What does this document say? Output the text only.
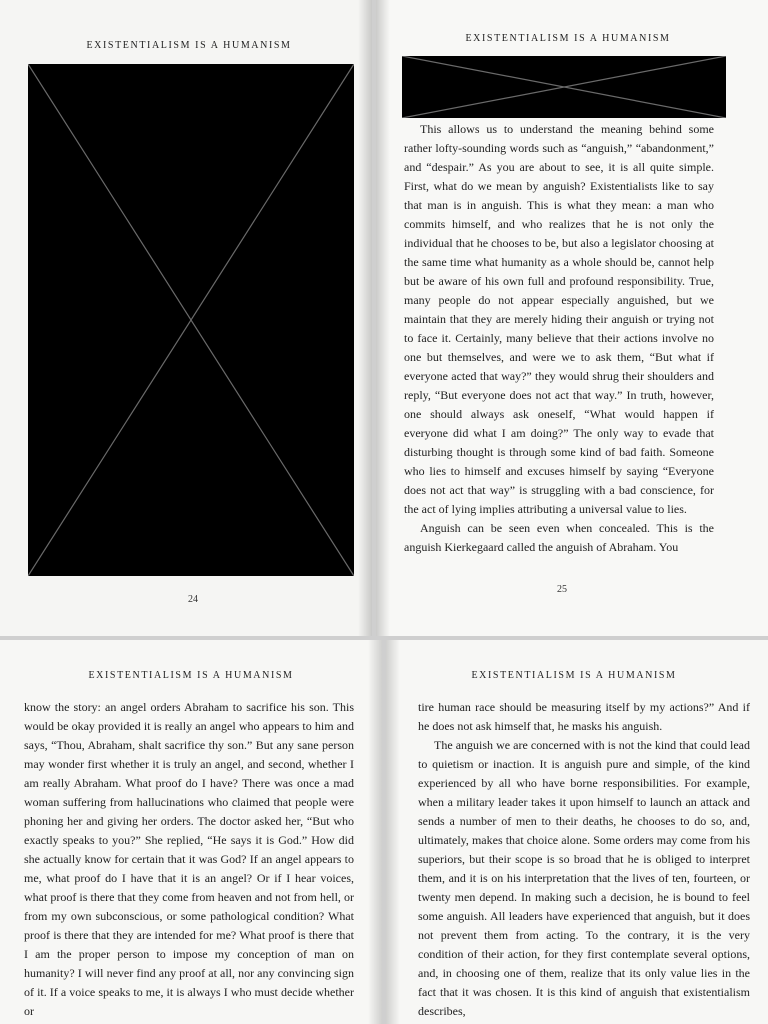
EXISTENTIALISM IS A HUMANISM
24
EXISTENTIALISM IS A HUMANISM

This allows us to understand the meaning behind some rather lofty-sounding words such as “anguish,” “abandonment,” and “despair.” As you are about to see, it is all quite simple. First, what do we mean by anguish? Existentialists like to say that man is in anguish. This is what they mean: a man who commits himself, and who realizes that he is not only the individual that he chooses to be, but also a legislator choosing at the same time what humanity as a whole should be, cannot help but be aware of his own full and profound responsibility. True, many people do not appear especially anguished, but we maintain that they are merely hiding their anguish or trying not to face it. Certainly, many believe that their actions involve no one but themselves, and were we to ask them, “But what if everyone acted that way?” they would shrug their shoulders and reply, “But everyone does not act that way.” In truth, however, one should always ask oneself, “What would happen if everyone did what I am doing?” The only way to evade that disturbing thought is through some kind of bad faith. Someone who lies to himself and excuses himself by saying “Everyone does not act that way” is struggling with a bad conscience, for the act of lying implies attributing a universal value to lies.

Anguish can be seen even when concealed. This is the anguish Kierkegaard called the anguish of Abraham. You

25
EXISTENTIALISM IS A HUMANISM

know the story: an angel orders Abraham to sacrifice his son. This would be okay provided it is really an angel who appears to him and says, “Thou, Abraham, shalt sacrifice thy son.” But any sane person may wonder first whether it is truly an angel, and second, whether I am really Abraham. What proof do I have? There was once a mad woman suffering from hallucinations who claimed that people were phoning her and giving her orders. The doctor asked her, “But who exactly speaks to you?” She replied, “He says it is God.” How did she actually know for certain that it was God? If an angel appears to me, what proof do I have that it is an angel? Or if I hear voices, what proof is there that they come from heaven and not from hell, or from my own subconscious, or some pathological condition? What proof is there that they are intended for me? What proof is there that I am the proper person to impose my conception of man on humanity? I will never find any proof at all, nor any convincing sign of it. If a voice speaks to me, it is always I who must decide whether or

EXISTENTIALISM IS A HUMANISM

tire human race should be measuring itself by my actions?” And if he does not ask himself that, he masks his anguish.

The anguish we are concerned with is not the kind that could lead to quietism or inaction. It is anguish pure and simple, of the kind experienced by all who have borne responsibilities. For example, when a military leader takes it upon himself to launch an attack and sends a number of men to their deaths, he chooses to do so, and, ultimately, makes that choice alone. Some orders may come from his superiors, but their scope is so broad that he is obliged to interpret them, and it is on his interpretation that the lives of ten, fourteen, or twenty men depend. In making such a decision, he is bound to feel some anguish. All leaders have experienced that anguish, but it does not prevent them from acting. To the contrary, it is the very condition of their action, for they first contemplate several options, and, in choosing one of them, realize that its only value lies in the fact that it was chosen. It is this kind of anguish that existentialism describes,
